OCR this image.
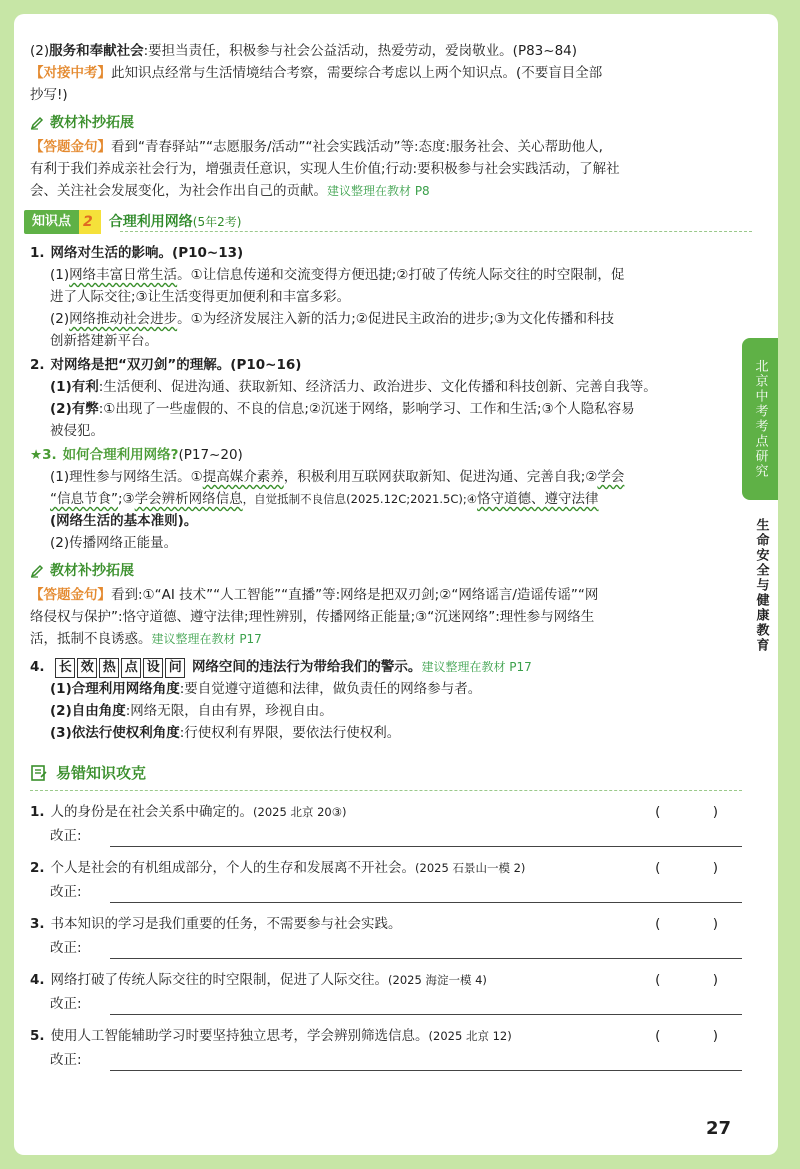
北京中考考点研究
生命安全与健康教育
(2)服务和奉献社会:要担当责任，积极参与社会公益活动，热爱劳动，爱岗敬业。(P83~84)
【对接中考】此知识点经常与生活情境结合考察，需要综合考虑以上两个知识点。(不要盲目全部
抄写!)
教材补抄拓展
【答题金句】看到“青春驿站”“志愿服务/活动”“社会实践活动”等:态度:服务社会、关心帮助他人,
有利于我们养成亲社会行为，增强责任意识，实现人生价值;行动:要积极参与社会实践活动，了解社
会、关注社会发展变化，为社会作出自己的贡献。建议整理在教材 P8
知识点 2	合理利用网络 (5年2考)
1. 网络对生活的影响。(P10~13)
(1)网络丰富日常生活。①让信息传递和交流变得方便迅捷;②打破了传统人际交往的时空限制，促
进了人际交往;③让生活变得更加便利和丰富多彩。
(2)网络推动社会进步。①为经济发展注入新的活力;②促进民主政治的进步;③为文化传播和科技
创新搭建新平台。
2. 对网络是把“双刃剑”的理解。(P10~16)
(1)有利:生活便利、促进沟通、获取新知、经济活力、政治进步、文化传播和科技创新、完善自我等。
(2)有弊:①出现了一些虚假的、不良的信息;②沉迷于网络，影响学习、工作和生活;③个人隐私容易
被侵犯。
★3. 如何合理利用网络?(P17~20)
(1)理性参与网络生活。①提高媒介素养，积极利用互联网获取新知、促进沟通、完善自我;②学会
“信息节食”;③学会辨析网络信息，自觉抵制不良信息(2025.12C;2021.5C);④恪守道德、遵守法律
(网络生活的基本准则)。
(2)传播网络正能量。
教材补抄拓展
【答题金句】看到:①“AI 技术”“人工智能”“直播”等:网络是把双刃剑;②“网络谣言/造谣传谣”“网
络侵权与保护”:恪守道德、遵守法律;理性辨别，传播网络正能量;③“沉迷网络”:理性参与网络生
活，抵制不良诱惑。建议整理在教材 P17
4. 长 效 热 点 设 问 网络空间的违法行为带给我们的警示。建议整理在教材 P17
(1)合理利用网络角度:要自觉遵守道德和法律，做负责任的网络参与者。
(2)自由角度:网络无限，自由有界，珍视自由。
(3)依法行使权利角度:行使权利有界限，要依法行使权利。
易错知识攻克
1. 人的身份是在社会关系中确定的。(2025 北京 20③)	( )
改正:
2. 个人是社会的有机组成部分，个人的生存和发展离不开社会。(2025 石景山一模 2)	( )
改正:
3. 书本知识的学习是我们重要的任务，不需要参与社会实践。	( )
改正:
4. 网络打破了传统人际交往的时空限制，促进了人际交往。(2025 海淀一模 4)	( )
改正:
5. 使用人工智能辅助学习时要坚持独立思考，学会辨别筛选信息。(2025 北京 12)	( )
改正:
27
